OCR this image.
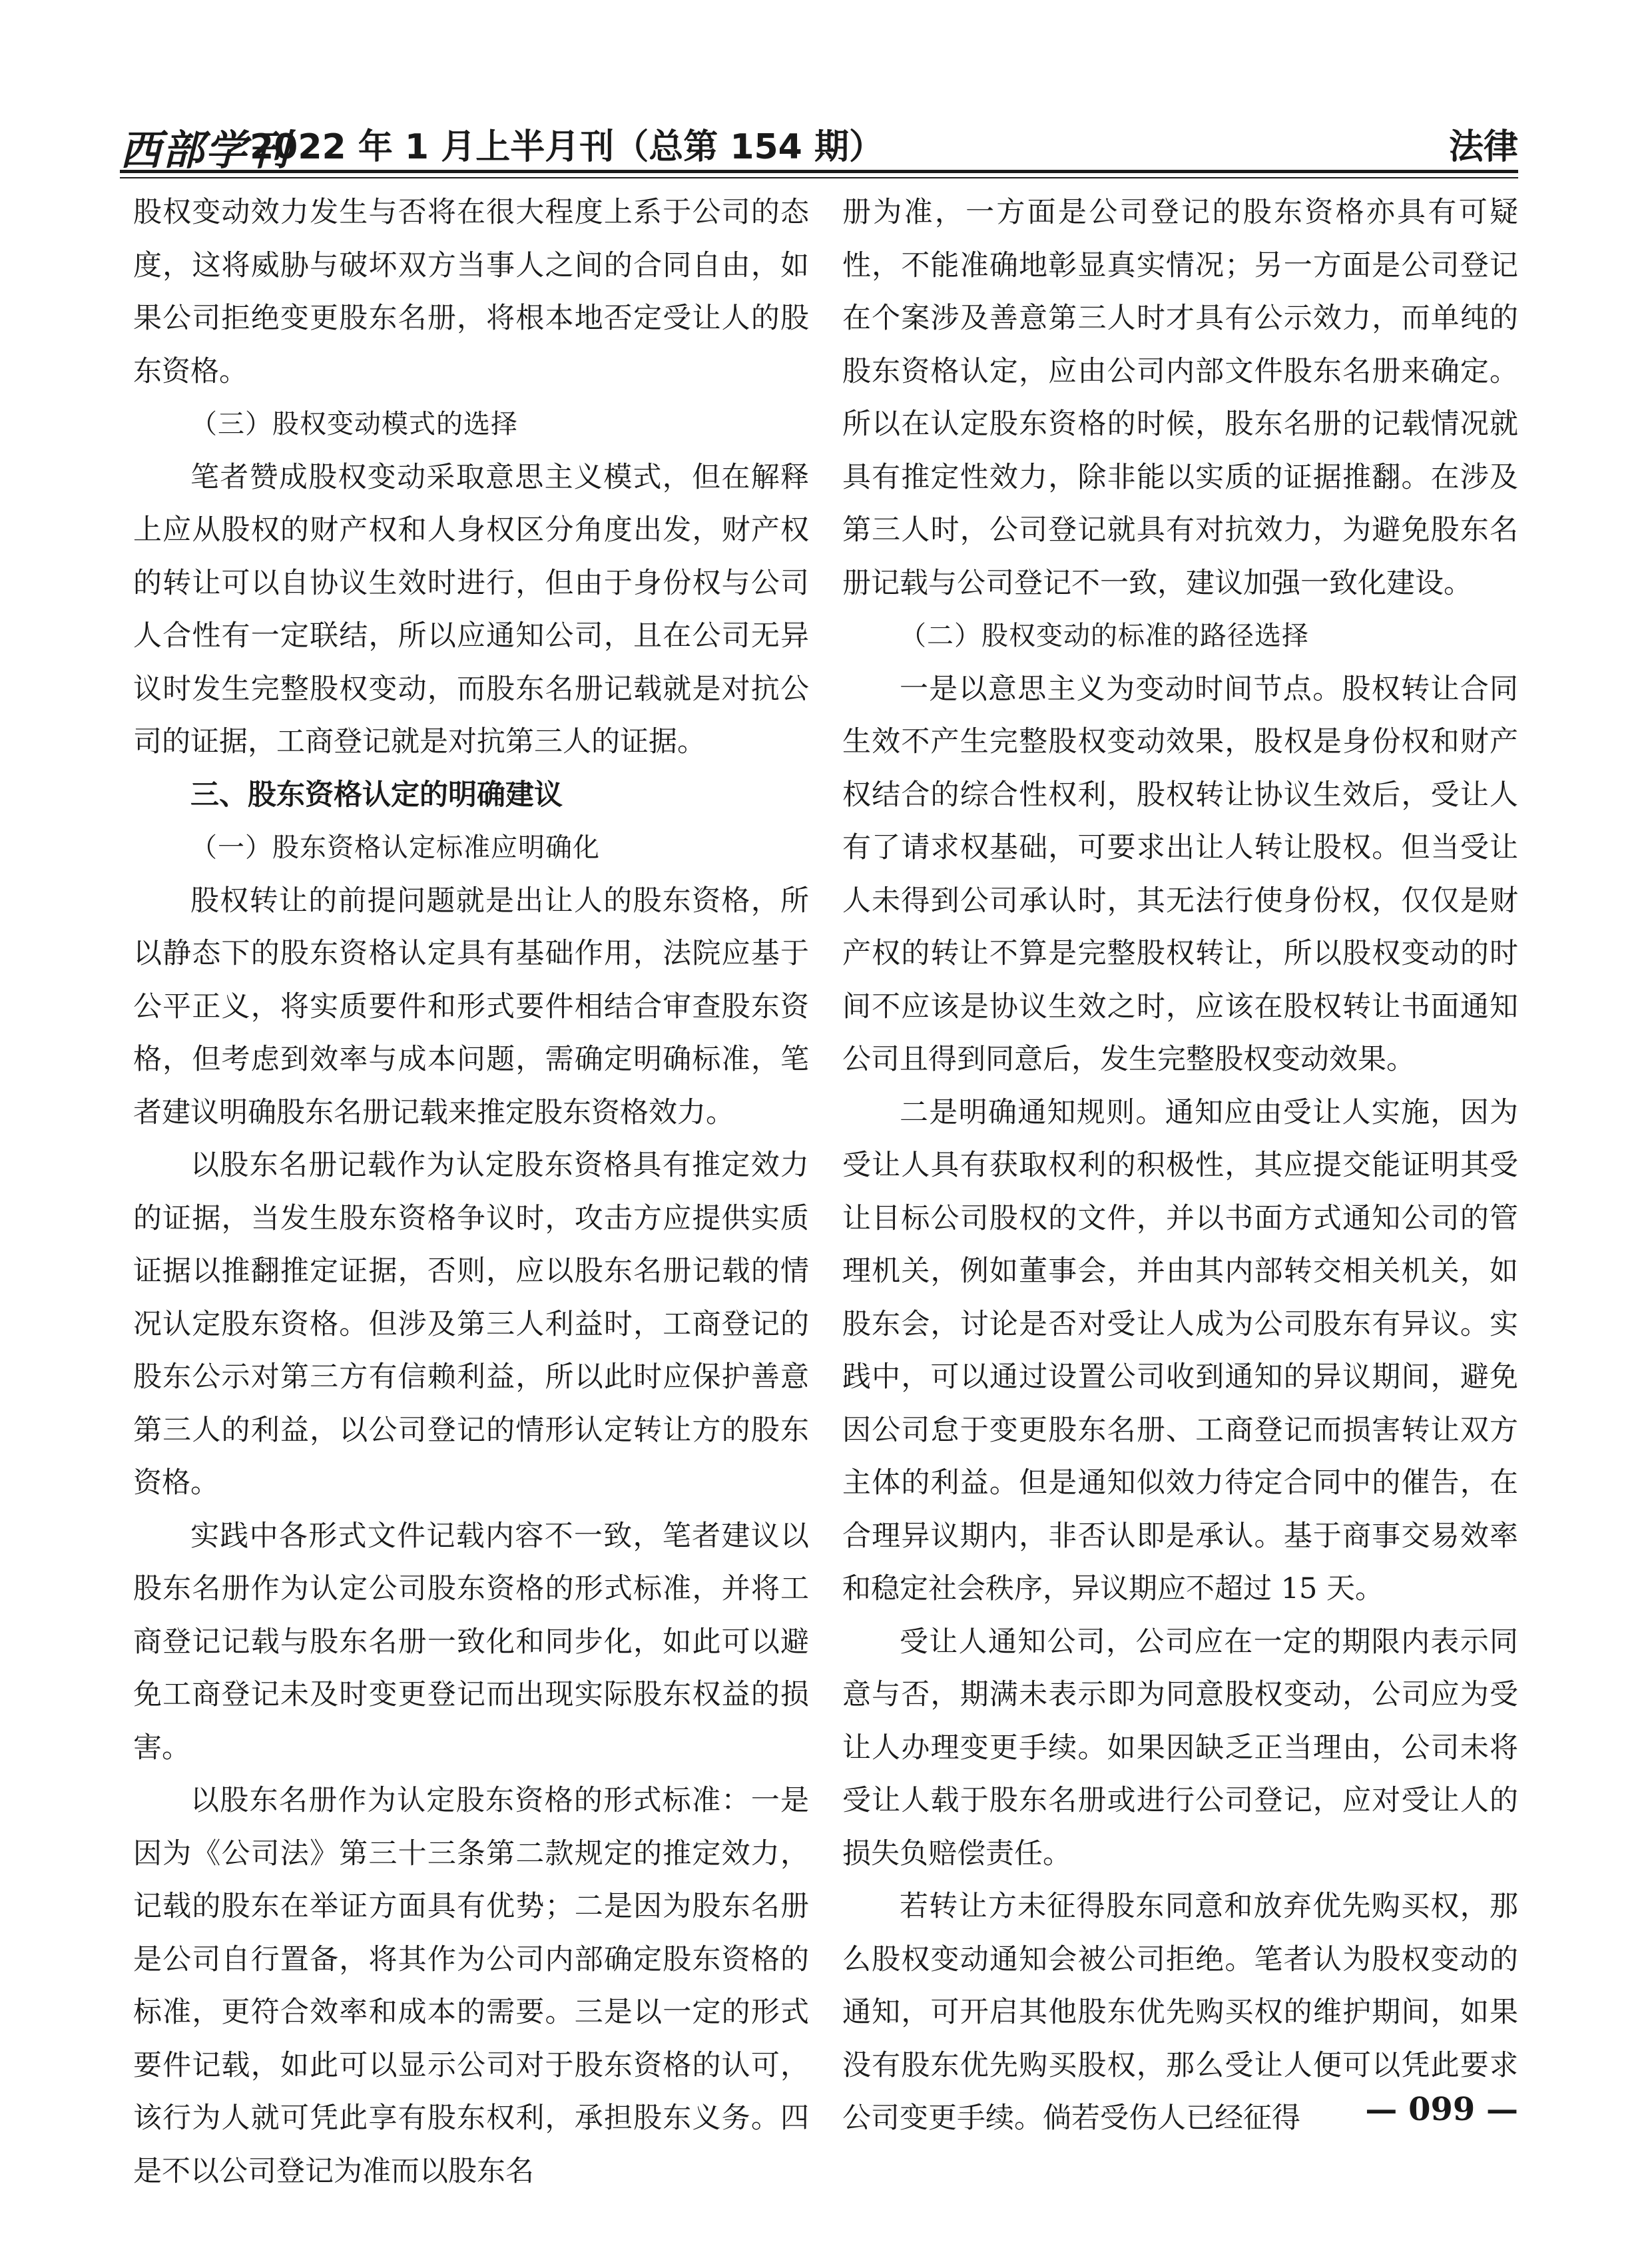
西部学刊
2022 年 1 月上半月刊（总第 154 期）	法律

股权变动效力发生与否将在很大程度上系于公司的态度，这将威胁与破坏双方当事人之间的合同自由，如果公司拒绝变更股东名册，将根本地否定受让人的股东资格。

（三）股权变动模式的选择

笔者赞成股权变动采取意思主义模式，但在解释上应从股权的财产权和人身权区分角度出发，财产权的转让可以自协议生效时进行，但由于身份权与公司人合性有一定联结，所以应通知公司，且在公司无异议时发生完整股权变动，而股东名册记载就是对抗公司的证据，工商登记就是对抗第三人的证据。

三、股东资格认定的明确建议

（一）股东资格认定标准应明确化

股权转让的前提问题就是出让人的股东资格，所以静态下的股东资格认定具有基础作用，法院应基于公平正义，将实质要件和形式要件相结合审查股东资格，但考虑到效率与成本问题，需确定明确标准，笔者建议明确股东名册记载来推定股东资格效力。

以股东名册记载作为认定股东资格具有推定效力的证据，当发生股东资格争议时，攻击方应提供实质证据以推翻推定证据，否则，应以股东名册记载的情况认定股东资格。但涉及第三人利益时，工商登记的股东公示对第三方有信赖利益，所以此时应保护善意第三人的利益，以公司登记的情形认定转让方的股东资格。

实践中各形式文件记载内容不一致，笔者建议以股东名册作为认定公司股东资格的形式标准，并将工商登记记载与股东名册一致化和同步化，如此可以避免工商登记未及时变更登记而出现实际股东权益的损害。

以股东名册作为认定股东资格的形式标准：一是因为《公司法》第三十三条第二款规定的推定效力，记载的股东在举证方面具有优势；二是因为股东名册是公司自行置备，将其作为公司内部确定股东资格的标准，更符合效率和成本的需要。三是以一定的形式要件记载，如此可以显示公司对于股东资格的认可，该行为人就可凭此享有股东权利，承担股东义务。四是不以公司登记为准而以股东名

册为准，一方面是公司登记的股东资格亦具有可疑性，不能准确地彰显真实情况；另一方面是公司登记在个案涉及善意第三人时才具有公示效力，而单纯的股东资格认定，应由公司内部文件股东名册来确定。所以在认定股东资格的时候，股东名册的记载情况就具有推定性效力，除非能以实质的证据推翻。在涉及第三人时，公司登记就具有对抗效力，为避免股东名册记载与公司登记不一致，建议加强一致化建设。

（二）股权变动的标准的路径选择

一是以意思主义为变动时间节点。股权转让合同生效不产生完整股权变动效果，股权是身份权和财产权结合的综合性权利，股权转让协议生效后，受让人有了请求权基础，可要求出让人转让股权。但当受让人未得到公司承认时，其无法行使身份权，仅仅是财产权的转让不算是完整股权转让，所以股权变动的时间不应该是协议生效之时，应该在股权转让书面通知公司且得到同意后，发生完整股权变动效果。

二是明确通知规则。通知应由受让人实施，因为受让人具有获取权利的积极性，其应提交能证明其受让目标公司股权的文件，并以书面方式通知公司的管理机关，例如董事会，并由其内部转交相关机关，如股东会，讨论是否对受让人成为公司股东有异议。实践中，可以通过设置公司收到通知的异议期间，避免因公司怠于变更股东名册、工商登记而损害转让双方主体的利益。但是通知似效力待定合同中的催告，在合理异议期内，非否认即是承认。基于商事交易效率和稳定社会秩序，异议期应不超过 15 天。

受让人通知公司，公司应在一定的期限内表示同意与否，期满未表示即为同意股权变动，公司应为受让人办理变更手续。如果因缺乏正当理由，公司未将受让人载于股东名册或进行公司登记，应对受让人的损失负赔偿责任。

若转让方未征得股东同意和放弃优先购买权，那么股权变动通知会被公司拒绝。笔者认为股权变动的通知，可开启其他股东优先购买权的维护期间，如果没有股东优先购买股权，那么受让人便可以凭此要求公司变更手续。倘若受伤人已经征得	— 099 —
